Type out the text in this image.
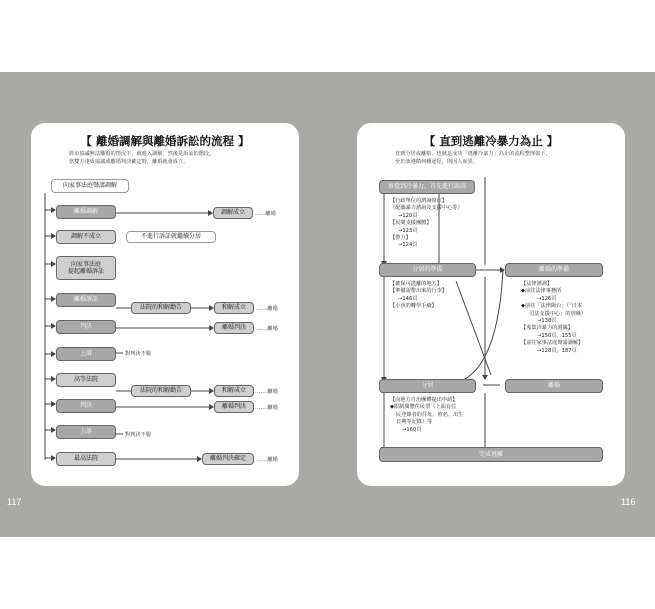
【 離婚調解與離婚訴訟的流程 】
經由協議無法離婚的情況下，就進入調解，然後是訴訟的階段。
當雙方達成協議或離婚判決確定時，離婚就會成立。
向家事法庭聲請調解
離婚調解	調解成立	……離婚
調解不成立	不進行訴訟就繼續分居
向家事法庭
提起離婚訴訟
離婚訴訟
法院的和解勸告	和解成立	……離婚
判決	離婚判決	……離婚
上訴	對判決不服
高等法院
法院的和解勸告	和解成立	……離婚
判決	離婚判決	……離婚
上訴	對判決不服
最高法院	離婚判決確定	……離婚
【 直到逃離冷暴力為止 】
直到分居或離婚，也就是成功「逃離冷暴力」為止的流程整理如下，
至於該遵循何種途徑，則因人而異。
察覺到冷暴力，首先進行諮詢
【行政單位的諮詢窗口】
（配偶暴力諮詢及支援中心等）
→120頁
【民間支援團體】
→123頁
【警方】
→124頁
分居的準備
【確保可逃離的地方】
【準備需帶出來的行李】
→146頁
【小孩的轉學手續】
離婚的準備
【法律諮詢】
◆前往法律事務所
→126頁
◆前往「法律陽台」（「日本
司法支援中心」的別稱）
→138頁
【蒐集冷暴力的證據】
→150頁，155頁
【前往家事法庭聲請調解】
→128頁，187頁
分居	離婚
【向地方自治團體提出申請】
◆限制閱覽住民票（上面有住
民登錄者的住址、姓名、出生
日期等記錄）等
→160頁
完成逃離
117	116
